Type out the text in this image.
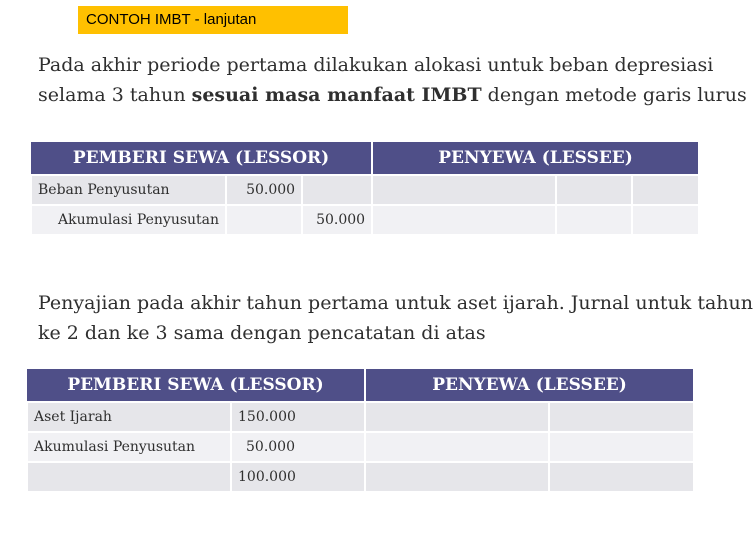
CONTOH IMBT - lanjutan
Pada akhir periode pertama dilakukan alokasi untuk beban depresiasi
selama 3 tahun sesuai masa manfaat IMBT dengan metode garis lurus
PEMBERI SEWA (LESSOR)			PENYEWA (LESSEE)		
Beban Penyusutan	50.000				
Akumulasi Penyusutan		50.000			
Penyajian pada akhir tahun pertama untuk aset ijarah. Jurnal untuk tahun
ke 2 dan ke 3 sama dengan pencatatan di atas
PEMBERI SEWA (LESSOR)		PENYEWA (LESSEE)	
Aset Ijarah	150.000		
Akumulasi Penyusutan	50.000		
	100.000		
